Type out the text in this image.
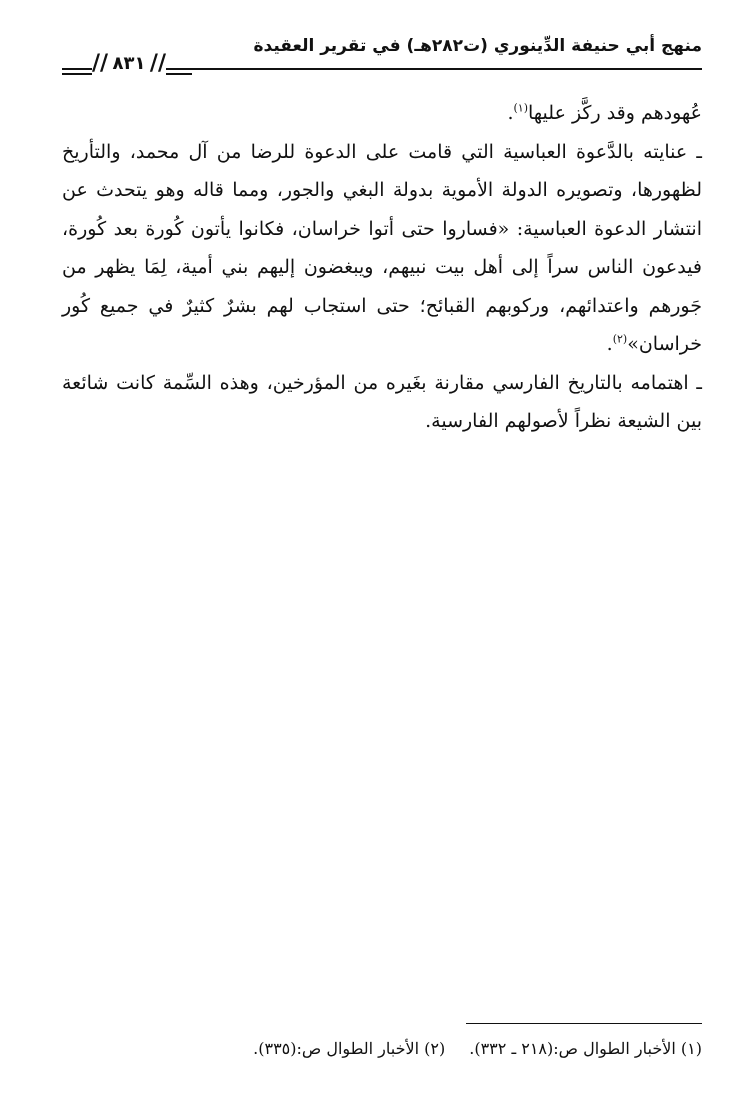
منهج أبي حنيفة الدِّينوري (ت٢٨٢هـ) في تقرير العقيدة
// ٨٣١ //

عُهودهم وقد ركَّز عليها$^{(١)}$.

ـ عنايته بالدَّعوة العباسية التي قامت على الدعوة للرضا من آل محمد، والتأريخ لظهورها، وتصويره الدولة الأموية بدولة البغي والجور، ومما قاله وهو يتحدث عن انتشار الدعوة العباسية: «فساروا حتى أتوا خراسان، فكانوا يأتون كُورة بعد كُورة، فيدعون الناس سراً إلى أهل بيت نبيهم، ويبغضون إليهم بني أمية، لِمَا يظهر من جَورهم واعتدائهم، وركوبهم القبائح؛ حتى استجاب لهم بشرٌ كثيرٌ في جميع كُور خراسان»$^{(٢)}$.

ـ اهتمامه بالتاريخ الفارسي مقارنة بغَيره من المؤرخين، وهذه السِّمة كانت شائعة بين الشيعة نظراً لأصولهم الفارسية.

(١) الأخبار الطوال ص:(٢١٨ ـ ٣٣٢).(٢) الأخبار الطوال ص:(٣٣٥).
